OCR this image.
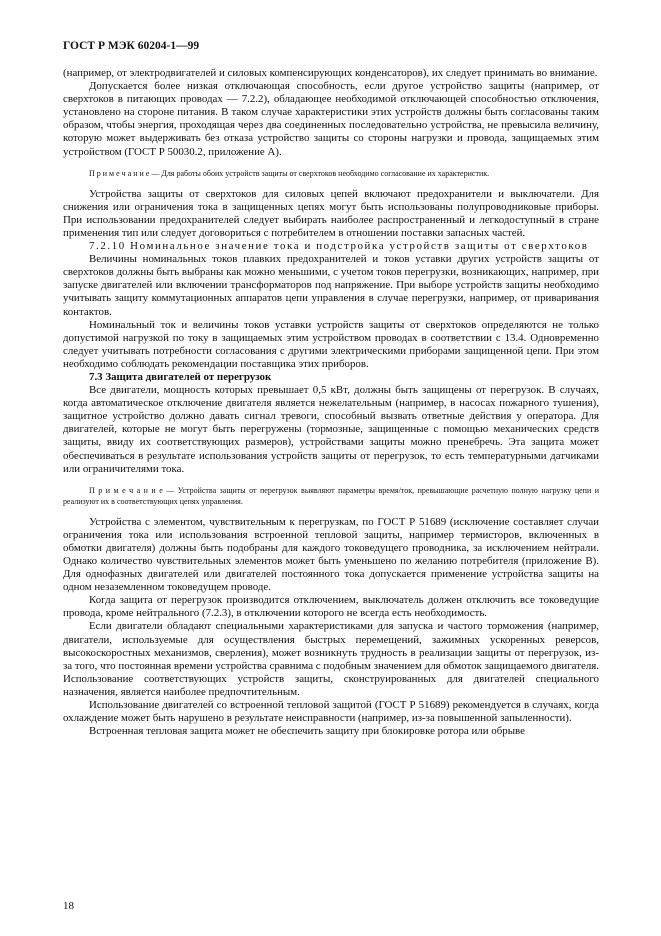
ГОСТ Р МЭК 60204-1—99

(например, от электродвигателей и силовых компенсирующих конденсаторов), их следует принимать во внимание.

Допускается более низкая отключающая способность, если другое устройство защиты (например, от сверхтоков в питающих проводах — 7.2.2), обладающее необходимой отключающей способностью отключения, установлено на стороне питания. В таком случае характеристики этих устройств должны быть согласованы таким образом, чтобы энергия, проходящая через два соединенных последовательно устройства, не превысила величину, которую может выдерживать без отказа устройство защиты со стороны нагрузки и провода, защищаемых этим устройством (ГОСТ Р 50030.2, приложение А).

П р и м е ч а н и е — Для работы обоих устройств защиты от сверхтоков необходимо согласование их характеристик.

Устройства защиты от сверхтоков для силовых цепей включают предохранители и выключатели. Для снижения или ограничения тока в защищенных цепях могут быть использованы полупроводниковые приборы. При использовании предохранителей следует выбирать наиболее распространенный и легкодоступный в стране применения тип или следует договориться с потребителем в отношении поставки запасных частей.

7.2.10 Номинальное значение тока и подстройка устройств защиты от сверхтоков

Величины номинальных токов плавких предохранителей и токов уставки других устройств защиты от сверхтоков должны быть выбраны как можно меньшими, с учетом токов перегрузки, возникающих, например, при запуске двигателей или включении трансформаторов под напряжение. При выборе устройств защиты необходимо учитывать защиту коммутационных аппаратов цепи управления в случае перегрузки, например, от приваривания контактов.

Номинальный ток и величины токов уставки устройств защиты от сверхтоков определяются не только допустимой нагрузкой по току в защищаемых этим устройством проводах в соответствии с 13.4. Одновременно следует учитывать потребности согласования с другими электрическими приборами защищенной цепи. При этом необходимо соблюдать рекомендации поставщика этих приборов.

7.3 Защита двигателей от перегрузок

Все двигатели, мощность которых превышает 0,5 кВт, должны быть защищены от перегрузок. В случаях, когда автоматическое отключение двигателя является нежелательным (например, в насосах пожарного тушения), защитное устройство должно давать сигнал тревоги, способный вызвать ответные действия у оператора. Для двигателей, которые не могут быть перегружены (тормозные, защищенные с помощью механических средств защиты, ввиду их соответствующих размеров), устройствами защиты можно пренебречь. Эта защита может обеспечиваться в результате использования устройств защиты от перегрузок, то есть температурными датчиками или ограничителями тока.

П р и м е ч а н и е — Устройства защиты от перегрузок выявляют параметры время/ток, превышающие расчетную полную нагрузку цепи и реализуют их в соответствующих цепях управления.

Устройства с элементом, чувствительным к перегрузкам, по ГОСТ Р 51689 (исключение составляет случаи ограничения тока или использования встроенной тепловой защиты, например термисторов, включенных в обмотки двигателя) должны быть подобраны для каждого токоведущего проводника, за исключением нейтрали. Однако количество чувствительных элементов может быть уменьшено по желанию потребителя (приложение В). Для однофазных двигателей или двигателей постоянного тока допускается применение устройства защиты на одном незаземленном токоведущем проводе.

Когда защита от перегрузок производится отключением, выключатель должен отключить все токоведущие провода, кроме нейтрального (7.2.3), в отключении которого не всегда есть необходимость.

Если двигатели обладают специальными характеристиками для запуска и частого торможения (например, двигатели, используемые для осуществления быстрых перемещений, зажимных ускоренных реверсов, высокоскоростных механизмов, сверления), может возникнуть трудность в реализации защиты от перегрузок, из-за того, что постоянная времени устройства сравнима с подобным значением для обмоток защищаемого двигателя. Использование соответствующих устройств защиты, сконструированных для двигателей специального назначения, является наиболее предпочтительным.

Использование двигателей со встроенной тепловой защитой (ГОСТ Р 51689) рекомендуется в случаях, когда охлаждение может быть нарушено в результате неисправности (например, из-за повышенной запыленности).

Встроенная тепловая защита может не обеспечить защиту при блокировке ротора или обрыве

18
